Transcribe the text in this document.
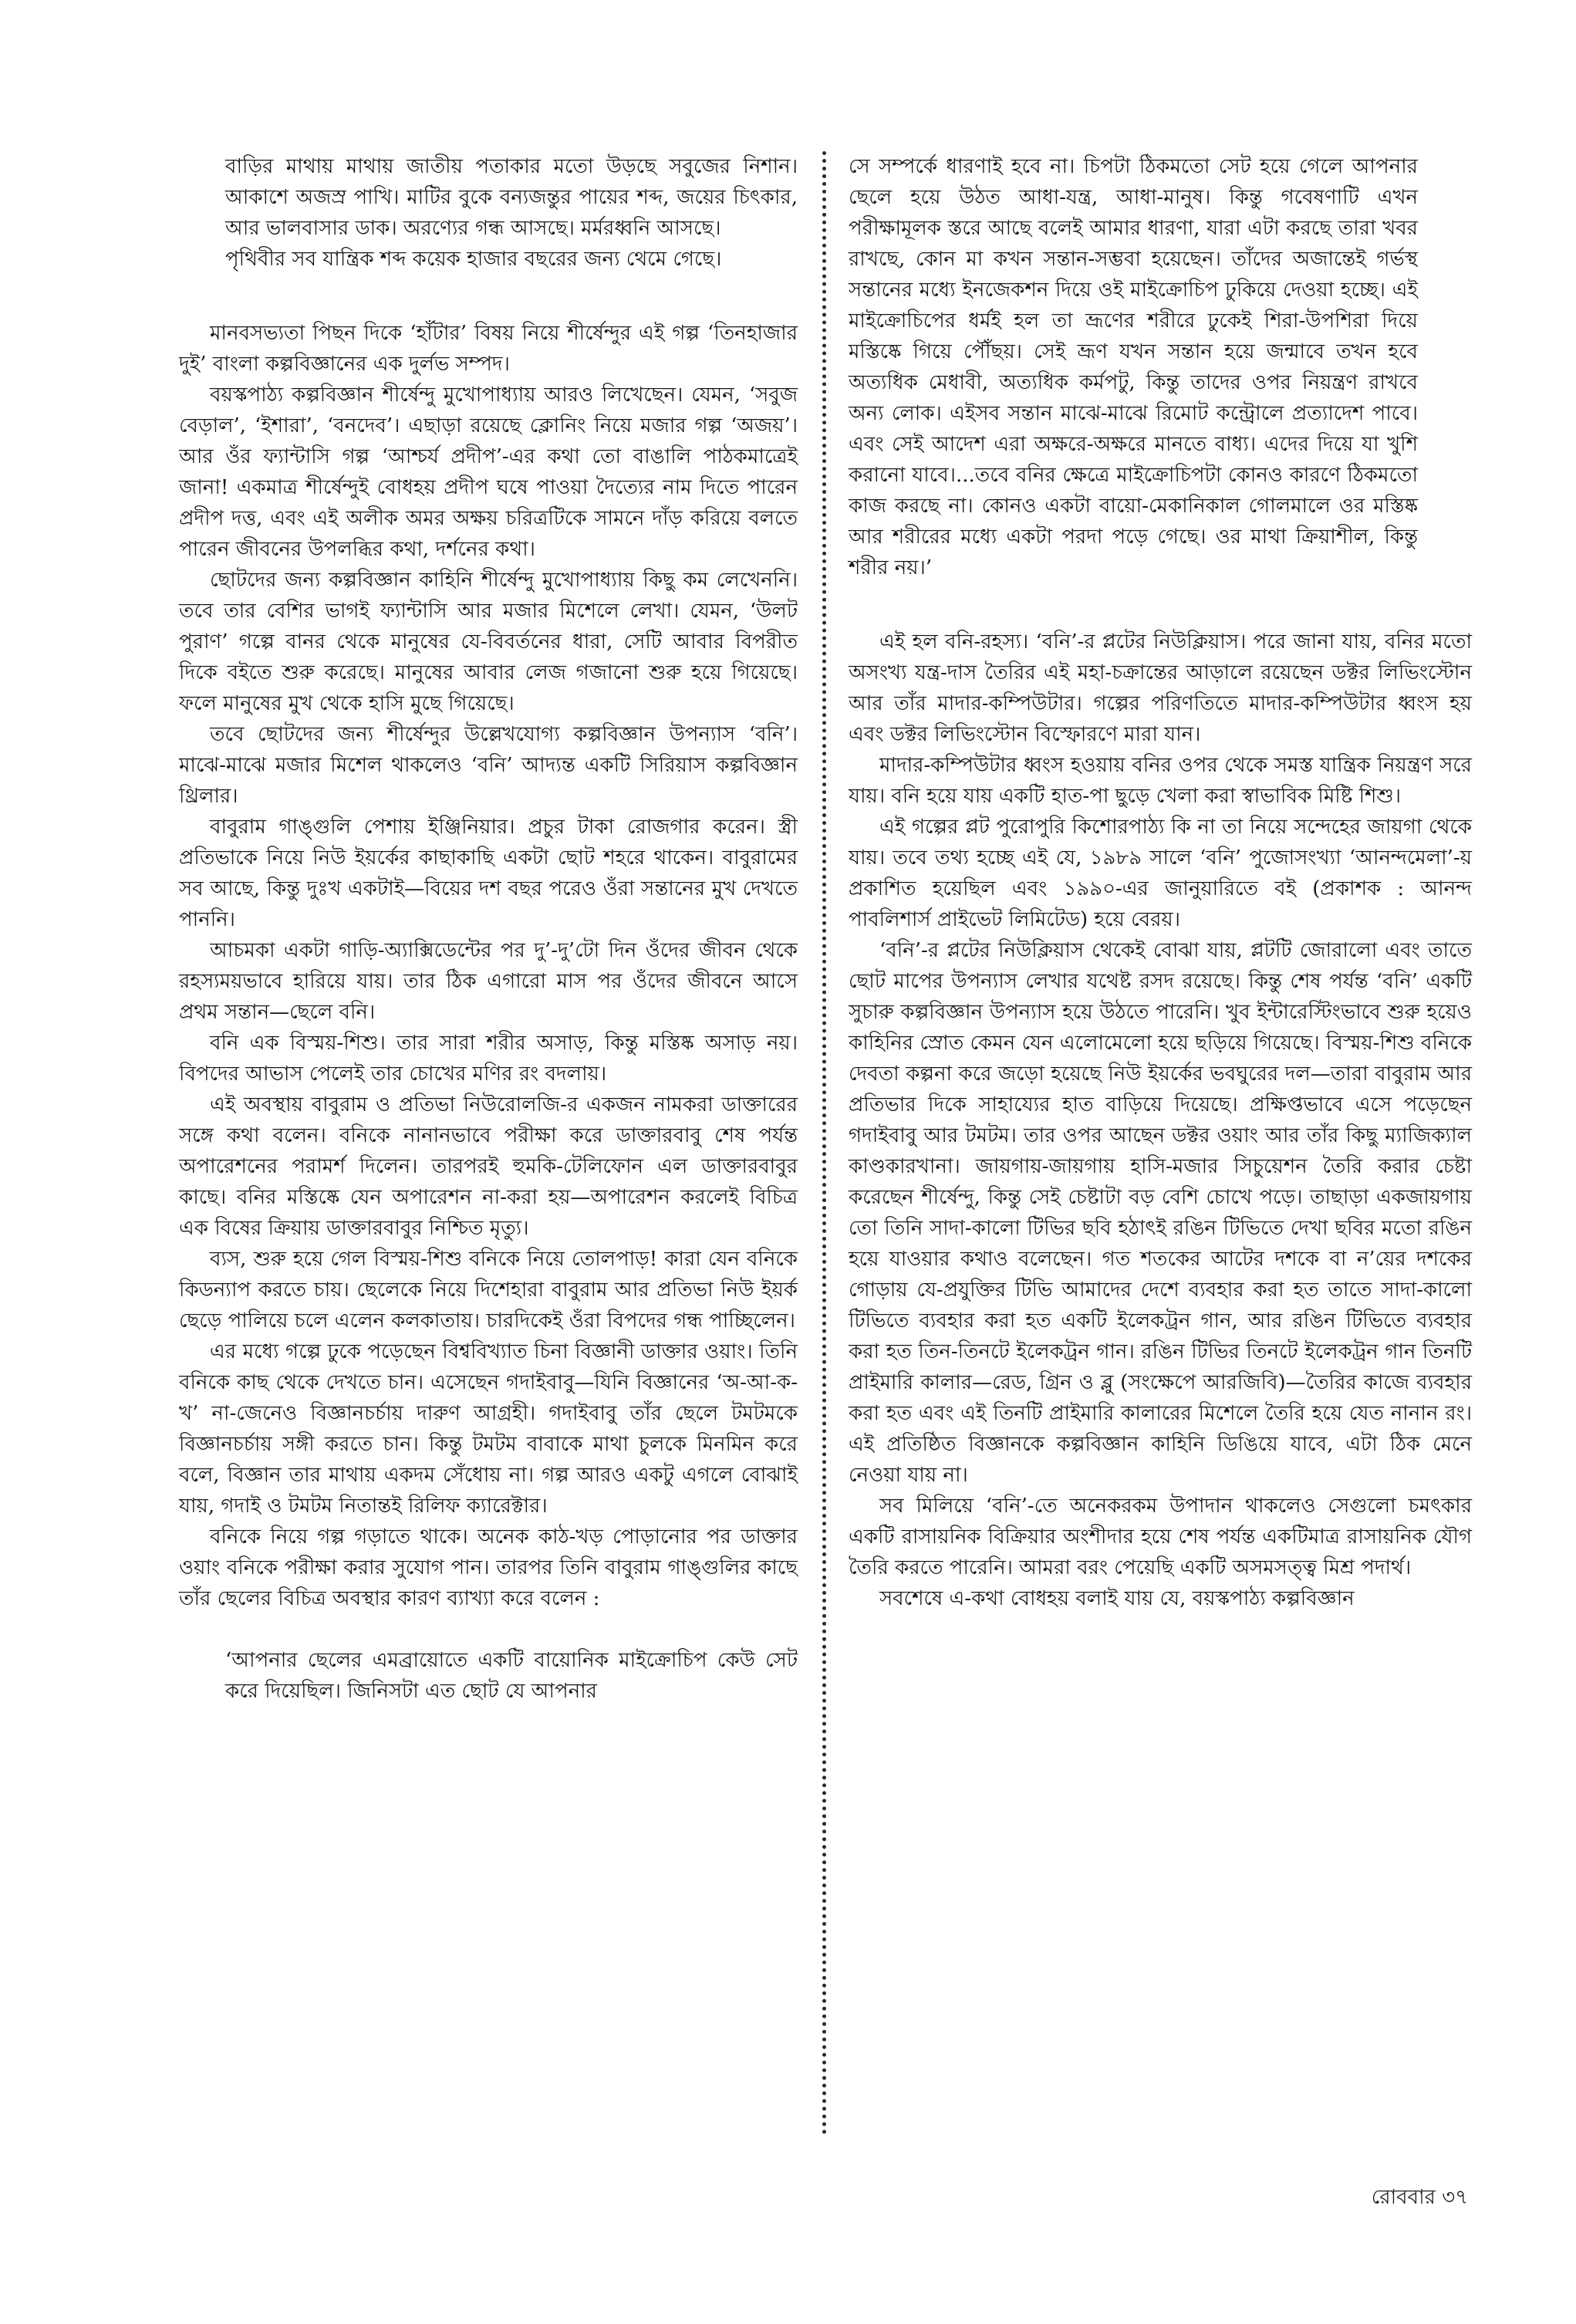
বাড়ির মাথায় মাথায় জাতীয় পতাকার মতো উড়ছে সবুজের নিশান। আকাশে অজস্র পাখি। মাটির বুকে বন্যজন্তুর পায়ের শব্দ, জয়ের চিৎকার, আর ভালবাসার ডাক। অরণ্যের গন্ধ আসছে। মর্মরধ্বনি আসছে।

পৃথিবীর সব যান্ত্রিক শব্দ কয়েক হাজার বছরের জন্য থেমে গেছে।

মানবসভ্যতা পিছন দিকে ‘হাঁটার’ বিষয় নিয়ে শীর্ষেন্দুর এই গল্প ‘তিনহাজার দুই’ বাংলা কল্পবিজ্ঞানের এক দুর্লভ সম্পদ।

বয়স্কপাঠ্য কল্পবিজ্ঞান শীর্ষেন্দু মুখোপাধ্যায় আরও লিখেছেন। যেমন, ‘সবুজ বেড়াল’, ‘ইশারা’, ‘বনদেব’। এছাড়া রয়েছে ক্লোনিং নিয়ে মজার গল্প ‘অজয়’। আর ওঁর ফ্যান্টাসি গল্প ‘আশ্চর্য প্রদীপ’-এর কথা তো বাঙালি পাঠকমাত্রেই জানা! একমাত্র শীর্ষেন্দুই বোধহয় প্রদীপ ঘষে পাওয়া দৈত্যের নাম দিতে পারেন প্রদীপ দত্ত, এবং এই অলীক অমর অক্ষয় চরিত্রটিকে সামনে দাঁড় করিয়ে বলতে পারেন জীবনের উপলব্ধির কথা, দর্শনের কথা।

ছোটদের জন্য কল্পবিজ্ঞান কাহিনি শীর্ষেন্দু মুখোপাধ্যায় কিছু কম লেখেননি। তবে তার বেশির ভাগই ফ্যান্টাসি আর মজার মিশেলে লেখা। যেমন, ‘উলট পুরাণ’ গল্পে বানর থেকে মানুষের যে-বিবর্তনের ধারা, সেটি আবার বিপরীত দিকে বইতে শুরু করেছে। মানুষের আবার লেজ গজানো শুরু হয়ে গিয়েছে। ফলে মানুষের মুখ থেকে হাসি মুছে গিয়েছে।

তবে ছোটদের জন্য শীর্ষেন্দুর উল্লেখযোগ্য কল্পবিজ্ঞান উপন্যাস ‘বনি’। মাঝে-মাঝে মজার মিশেল থাকলেও ‘বনি’ আদ্যন্ত একটি সিরিয়াস কল্পবিজ্ঞান থ্রিলার।

বাবুরাম গাঙ্গুলি পেশায় ইঞ্জিনিয়ার। প্রচুর টাকা রোজগার করেন। স্ত্রী প্রতিভাকে নিয়ে নিউ ইয়র্কের কাছাকাছি একটা ছোট শহরে থাকেন। বাবুরামের সব আছে, কিন্তু দুঃখ একটাই—বিয়ের দশ বছর পরেও ওঁরা সন্তানের মুখ দেখতে পাননি।

আচমকা একটা গাড়ি-অ্যাক্সিডেন্টের পর দু’-দু’টো দিন ওঁদের জীবন থেকে রহস্যময়ভাবে হারিয়ে যায়। তার ঠিক এগারো মাস পর ওঁদের জীবনে আসে প্রথম সন্তান—ছেলে বনি।

বনি এক বিস্ময়-শিশু। তার সারা শরীর অসাড়, কিন্তু মস্তিষ্ক অসাড় নয়। বিপদের আভাস পেলেই তার চোখের মণির রং বদলায়।

এই অবস্থায় বাবুরাম ও প্রতিভা নিউরোলজি-র একজন নামকরা ডাক্তারের সঙ্গে কথা বলেন। বনিকে নানানভাবে পরীক্ষা করে ডাক্তারবাবু শেষ পর্যন্ত অপারেশনের পরামর্শ দিলেন। তারপরই হুমকি-টেলিফোন এল ডাক্তারবাবুর কাছে। বনির মস্তিষ্কে যেন অপারেশন না-করা হয়—অপারেশন করলেই বিচিত্র এক বিষের ক্রিয়ায় ডাক্তারবাবুর নিশ্চিত মৃত্যু।

ব্যস, শুরু হয়ে গেল বিস্ময়-শিশু বনিকে নিয়ে তোলপাড়! কারা যেন বনিকে কিডন্যাপ করতে চায়। ছেলেকে নিয়ে দিশেহারা বাবুরাম আর প্রতিভা নিউ ইয়র্ক ছেড়ে পালিয়ে চলে এলেন কলকাতায়। চারদিকেই ওঁরা বিপদের গন্ধ পাচ্ছিলেন।

এর মধ্যে গল্পে ঢুকে পড়েছেন বিশ্ববিখ্যাত চিনা বিজ্ঞানী ডাক্তার ওয়াং। তিনি বনিকে কাছ থেকে দেখতে চান। এসেছেন গদাইবাবু—যিনি বিজ্ঞানের ‘অ-আ-ক-খ’ না-জেনেও বিজ্ঞানচর্চায় দারুণ আগ্রহী। গদাইবাবু তাঁর ছেলে টমটমকে বিজ্ঞানচর্চায় সঙ্গী করতে চান। কিন্তু টমটম বাবাকে মাথা চুলকে মিনমিন করে বলে, বিজ্ঞান তার মাথায় একদম সেঁধোয় না। গল্প আরও একটু এগলে বোঝাই যায়, গদাই ও টমটম নিতান্তই রিলিফ ক্যারেক্টার।

বনিকে নিয়ে গল্প গড়াতে থাকে। অনেক কাঠ-খড় পোড়ানোর পর ডাক্তার ওয়াং বনিকে পরীক্ষা করার সুযোগ পান। তারপর তিনি বাবুরাম গাঙ্গুলির কাছে তাঁর ছেলের বিচিত্র অবস্থার কারণ ব্যাখ্যা করে বলেন :

‘আপনার ছেলের এমব্রায়োতে একটি বায়োনিক মাইক্রোচিপ কেউ সেট করে দিয়েছিল। জিনিসটা এত ছোট যে আপনার

সে সম্পর্কে ধারণাই হবে না। চিপটা ঠিকমতো সেট হয়ে গেলে আপনার ছেলে হয়ে উঠত আধা-যন্ত্র, আধা-মানুষ। কিন্তু গবেষণাটি এখন পরীক্ষামূলক স্তরে আছে বলেই আমার ধারণা, যারা এটা করছে তারা খবর রাখছে, কোন মা কখন সন্তান-সম্ভবা হয়েছেন। তাঁদের অজান্তেই গর্ভস্থ সন্তানের মধ্যে ইনজেকশন দিয়ে ওই মাইক্রোচিপ ঢুকিয়ে দেওয়া হচ্ছে। এই মাইক্রোচিপের ধর্মই হল তা ভ্রূণের শরীরে ঢুকেই শিরা-উপশিরা দিয়ে মস্তিষ্কে গিয়ে পৌঁছয়। সেই ভ্রূণ যখন সন্তান হয়ে জন্মাবে তখন হবে অত্যধিক মেধাবী, অত্যধিক কর্মপটু, কিন্তু তাদের ওপর নিয়ন্ত্রণ রাখবে অন্য লোক। এইসব সন্তান মাঝে-মাঝে রিমোট কন্ট্রোলে প্রত্যাদেশ পাবে। এবং সেই আদেশ এরা অক্ষরে-অক্ষরে মানতে বাধ্য। এদের দিয়ে যা খুশি করানো যাবে।...তবে বনির ক্ষেত্রে মাইক্রোচিপটা কোনও কারণে ঠিকমতো কাজ করছে না। কোনও একটা বায়ো-মেকানিকাল গোলমালে ওর মস্তিষ্ক আর শরীরের মধ্যে একটা পরদা পড়ে গেছে। ওর মাথা ক্রিয়াশীল, কিন্তু শরীর নয়।’

এই হল বনি-রহস্য। ‘বনি’-র প্লটের নিউক্লিয়াস। পরে জানা যায়, বনির মতো অসংখ্য যন্ত্র-দাস তৈরির এই মহা-চক্রান্তের আড়ালে রয়েছেন ডক্টর লিভিংস্টোন আর তাঁর মাদার-কম্পিউটার। গল্পের পরিণতিতে মাদার-কম্পিউটার ধ্বংস হয় এবং ডক্টর লিভিংস্টোন বিস্ফোরণে মারা যান।

মাদার-কম্পিউটার ধ্বংস হওয়ায় বনির ওপর থেকে সমস্ত যান্ত্রিক নিয়ন্ত্রণ সরে যায়। বনি হয়ে যায় একটি হাত-পা ছুড়ে খেলা করা স্বাভাবিক মিষ্টি শিশু।

এই গল্পের প্লট পুরোপুরি কিশোরপাঠ্য কি না তা নিয়ে সন্দেহের জায়গা থেকে যায়। তবে তথ্য হচ্ছে এই যে, ১৯৮৯ সালে ‘বনি’ পুজোসংখ্যা ‘আনন্দমেলা’-য় প্রকাশিত হয়েছিল এবং ১৯৯০-এর জানুয়ারিতে বই (প্রকাশক : আনন্দ পাবলিশার্স প্রাইভেট লিমিটেড) হয়ে বেরয়।

‘বনি’-র প্লটের নিউক্লিয়াস থেকেই বোঝা যায়, প্লটটি জোরালো এবং তাতে ছোট মাপের উপন্যাস লেখার যথেষ্ট রসদ রয়েছে। কিন্তু শেষ পর্যন্ত ‘বনি’ একটি সুচারু কল্পবিজ্ঞান উপন্যাস হয়ে উঠতে পারেনি। খুব ইন্টারেস্টিংভাবে শুরু হয়েও কাহিনির স্রোত কেমন যেন এলোমেলো হয়ে ছড়িয়ে গিয়েছে। বিস্ময়-শিশু বনিকে দেবতা কল্পনা করে জড়ো হয়েছে নিউ ইয়র্কের ভবঘুরের দল—তারা বাবুরাম আর প্রতিভার দিকে সাহায্যের হাত বাড়িয়ে দিয়েছে। প্রক্ষিপ্তভাবে এসে পড়েছেন গদাইবাবু আর টমটম। তার ওপর আছেন ডক্টর ওয়াং আর তাঁর কিছু ম্যাজিক্যাল কাণ্ডকারখানা। জায়গায়-জায়গায় হাসি-মজার সিচুয়েশন তৈরি করার চেষ্টা করেছেন শীর্ষেন্দু, কিন্তু সেই চেষ্টাটা বড় বেশি চোখে পড়ে। তাছাড়া একজায়গায় তো তিনি সাদা-কালো টিভির ছবি হঠাৎই রঙিন টিভিতে দেখা ছবির মতো রঙিন হয়ে যাওয়ার কথাও বলেছেন। গত শতকের আটের দশকে বা ন’য়ের দশকের গোড়ায় যে-প্রযুক্তির টিভি আমাদের দেশে ব্যবহার করা হত তাতে সাদা-কালো টিভিতে ব্যবহার করা হত একটি ইলেকট্রন গান, আর রঙিন টিভিতে ব্যবহার করা হত তিন-তিনটে ইলেকট্রন গান। রঙিন টিভির তিনটে ইলেকট্রন গান তিনটি প্রাইমারি কালার—রেড, গ্রিন ও ব্লু (সংক্ষেপে আরজিবি)—তৈরির কাজে ব্যবহার করা হত এবং এই তিনটি প্রাইমারি কালারের মিশেলে তৈরি হয়ে যেত নানান রং। এই প্রতিষ্ঠিত বিজ্ঞানকে কল্পবিজ্ঞান কাহিনি ডিঙিয়ে যাবে, এটা ঠিক মেনে নেওয়া যায় না।

সব মিলিয়ে ‘বনি’-তে অনেকরকম উপাদান থাকলেও সেগুলো চমৎকার একটি রাসায়নিক বিক্রিয়ার অংশীদার হয়ে শেষ পর্যন্ত একটিমাত্র রাসায়নিক যৌগ তৈরি করতে পারেনি। আমরা বরং পেয়েছি একটি অসমসত্ত্ব মিশ্র পদার্থ।

সবশেষে এ-কথা বোধহয় বলাই যায় যে, বয়স্কপাঠ্য কল্পবিজ্ঞান

রোববার ৩৭
